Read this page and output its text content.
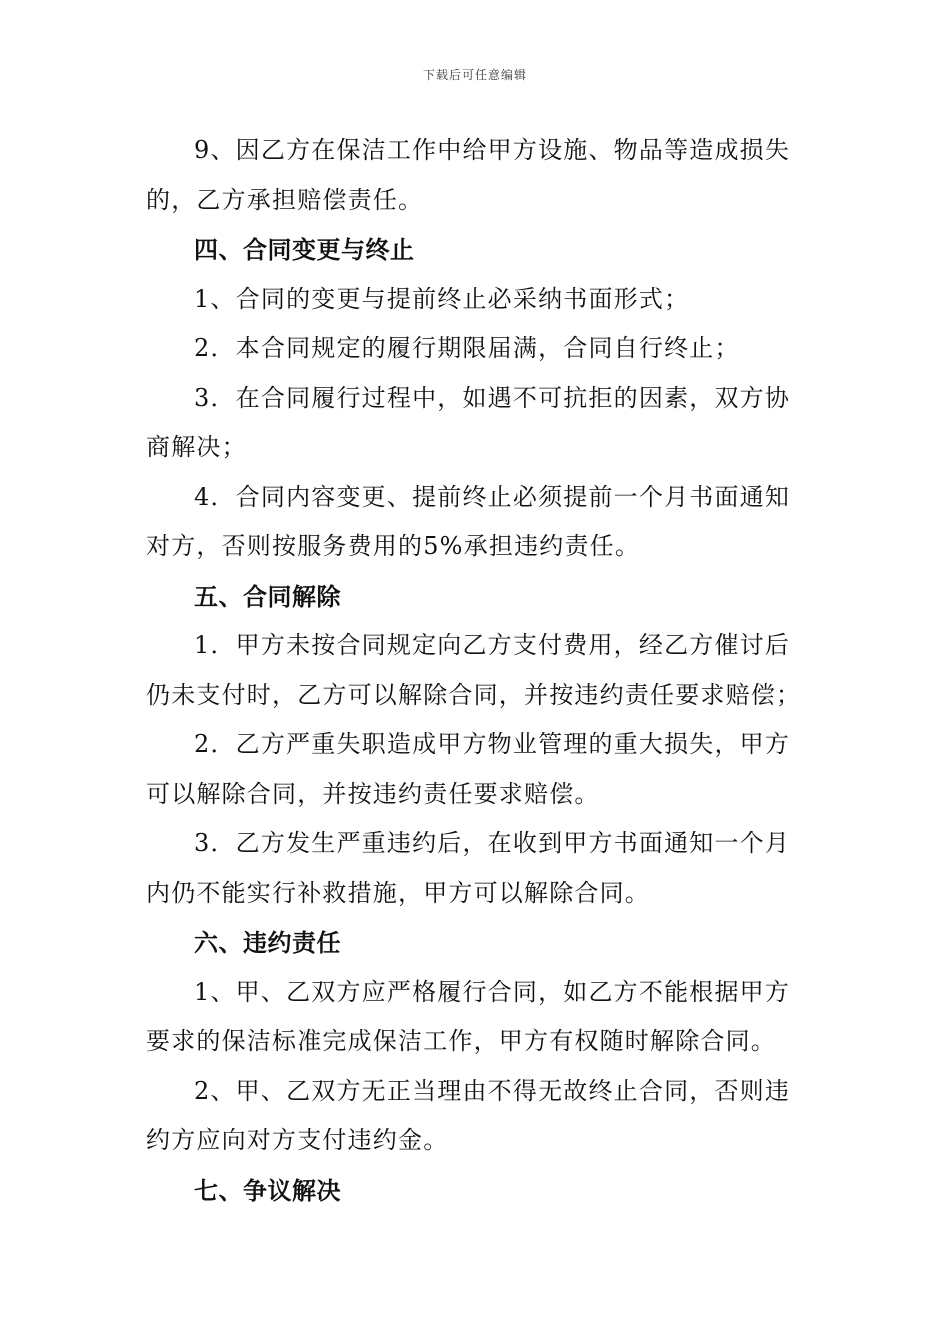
下载后可任意编辑
9、因乙方在保洁工作中给甲方设施、物品等造成损失
的，乙方承担赔偿责任。
四、合同变更与终止
1、合同的变更与提前终止必采纳书面形式；
2．本合同规定的履行期限届满，合同自行终止；
3．在合同履行过程中，如遇不可抗拒的因素，双方协
商解决；
4．合同内容变更、提前终止必须提前一个月书面通知
对方，否则按服务费用的5%承担违约责任。
五、合同解除
1．甲方未按合同规定向乙方支付费用，经乙方催讨后
仍未支付时，乙方可以解除合同，并按违约责任要求赔偿；
2．乙方严重失职造成甲方物业管理的重大损失，甲方
可以解除合同，并按违约责任要求赔偿。
3．乙方发生严重违约后，在收到甲方书面通知一个月
内仍不能实行补救措施，甲方可以解除合同。
六、违约责任
1、甲、乙双方应严格履行合同，如乙方不能根据甲方
要求的保洁标准完成保洁工作，甲方有权随时解除合同。
2、甲、乙双方无正当理由不得无故终止合同，否则违
约方应向对方支付违约金。
七、争议解决
